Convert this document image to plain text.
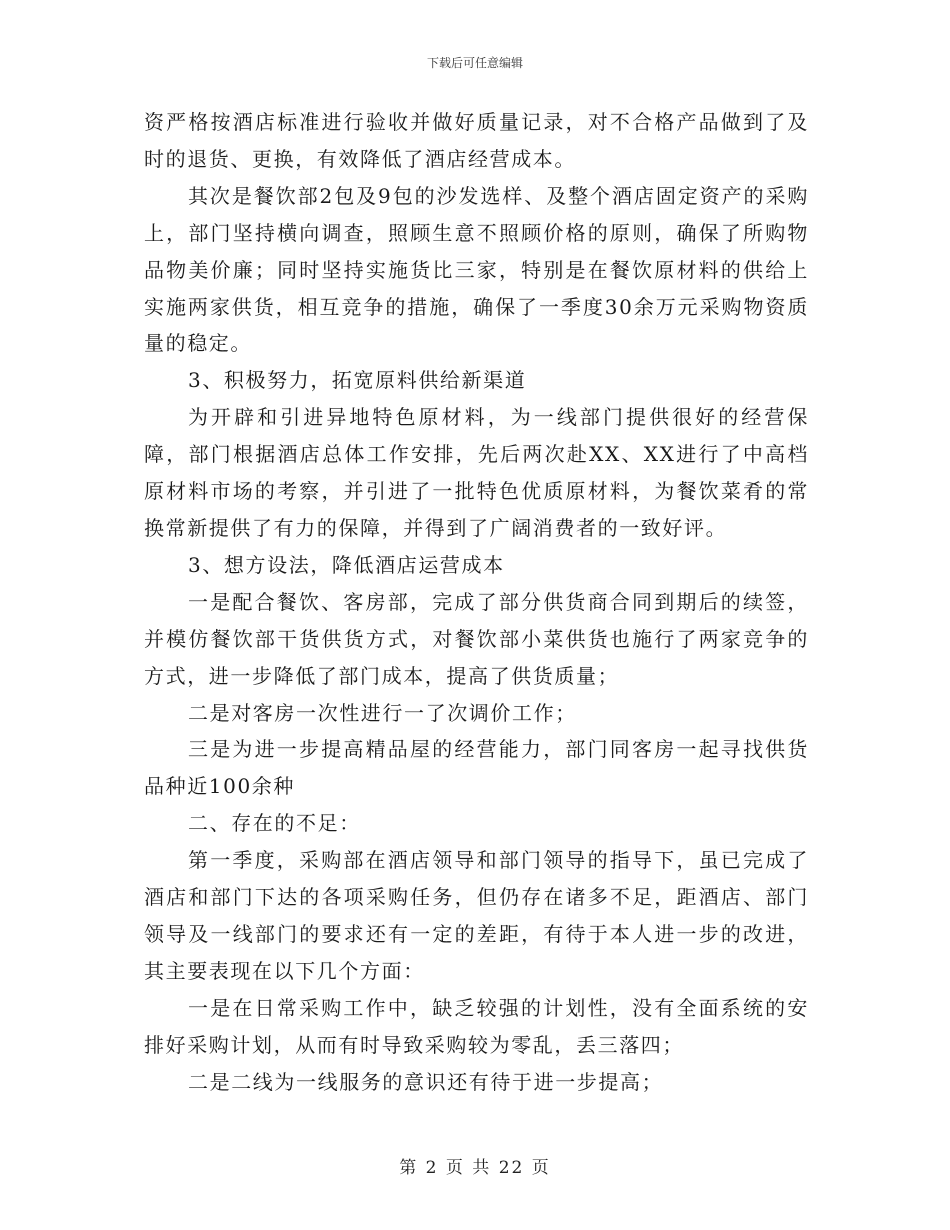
下载后可任意编辑

资严格按酒店标准进行验收并做好质量记录，对不合格产品做到了及时的退货、更换，有效降低了酒店经营成本。

其次是餐饮部2包及9包的沙发选样、及整个酒店固定资产的采购上，部门坚持横向调查，照顾生意不照顾价格的原则，确保了所购物品物美价廉；同时坚持实施货比三家，特别是在餐饮原材料的供给上实施两家供货，相互竞争的措施，确保了一季度30余万元采购物资质量的稳定。

3、积极努力，拓宽原料供给新渠道

为开辟和引进异地特色原材料，为一线部门提供很好的经营保障，部门根据酒店总体工作安排，先后两次赴XX、XX进行了中高档原材料市场的考察，并引进了一批特色优质原材料，为餐饮菜肴的常换常新提供了有力的保障，并得到了广阔消费者的一致好评。

3、想方设法，降低酒店运营成本

一是配合餐饮、客房部，完成了部分供货商合同到期后的续签，并模仿餐饮部干货供货方式，对餐饮部小菜供货也施行了两家竞争的方式，进一步降低了部门成本，提高了供货质量；

二是对客房一次性进行一了次调价工作；

三是为进一步提高精品屋的经营能力，部门同客房一起寻找供货品种近100余种

二、存在的不足：

第一季度，采购部在酒店领导和部门领导的指导下，虽已完成了酒店和部门下达的各项采购任务，但仍存在诸多不足，距酒店、部门领导及一线部门的要求还有一定的差距，有待于本人进一步的改进，其主要表现在以下几个方面：

一是在日常采购工作中，缺乏较强的计划性，没有全面系统的安排好采购计划，从而有时导致采购较为零乱，丢三落四；

二是二线为一线服务的意识还有待于进一步提高；

第 2 页 共 22 页
